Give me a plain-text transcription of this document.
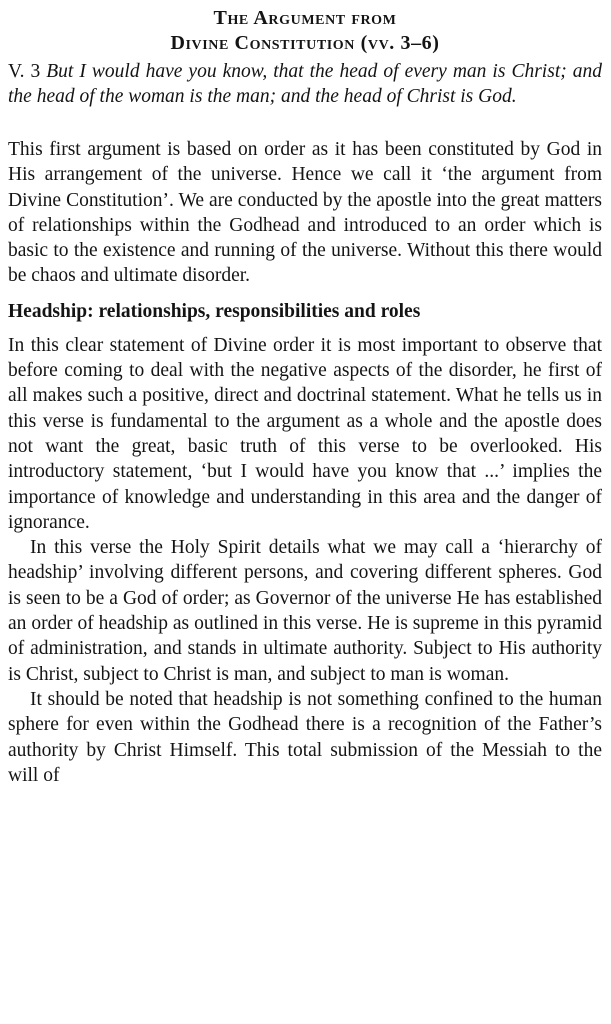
The Argument from
Divine Constitution (vv. 3–6)

V. 3 But I would have you know, that the head of every man is Christ; and the head of the woman is the man; and the head of Christ is God.

This first argument is based on order as it has been constituted by God in His arrangement of the universe. Hence we call it ‘the argument from Divine Constitution’. We are conducted by the apostle into the great matters of relationships within the Godhead and introduced to an order which is basic to the existence and running of the universe. Without this there would be chaos and ultimate disorder.

Headship: relationships, responsibilities and roles

In this clear statement of Divine order it is most important to observe that before coming to deal with the negative aspects of the disorder, he first of all makes such a positive, direct and doctrinal statement. What he tells us in this verse is fundamental to the argument as a whole and the apostle does not want the great, basic truth of this verse to be overlooked. His introductory statement, ‘but I would have you know that ...’ implies the importance of knowledge and understanding in this area and the danger of ignorance.

In this verse the Holy Spirit details what we may call a ‘hierarchy of headship’ involving different persons, and covering different spheres. God is seen to be a God of order; as Governor of the universe He has established an order of headship as outlined in this verse. He is supreme in this pyramid of administration, and stands in ultimate authority. Subject to His authority is Christ, subject to Christ is man, and subject to man is woman.

It should be noted that headship is not something confined to the human sphere for even within the Godhead there is a recognition of the Father’s authority by Christ Himself. This total submission of the Messiah to the will of
